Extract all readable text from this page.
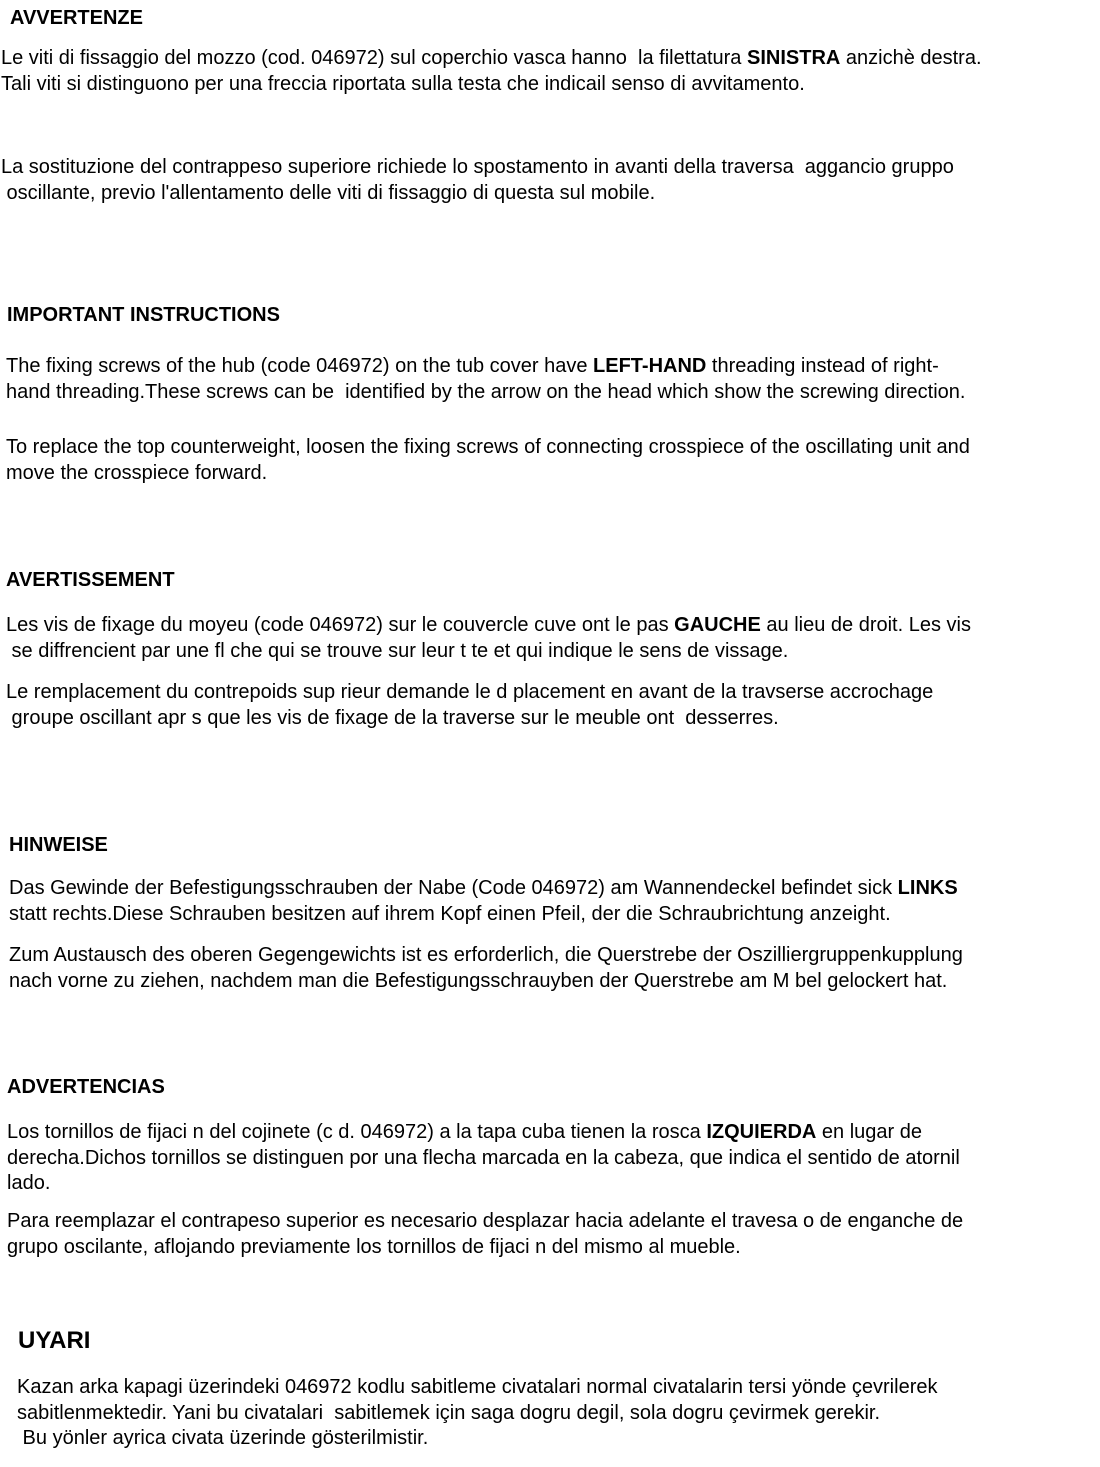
AVVERTENZE
Le viti di fissaggio del mozzo (cod. 046972) sul coperchio vasca hanno  la filettatura SINISTRA anzichè destra.
Tali viti si distinguono per una freccia riportata sulla testa che indicail senso di avvitamento.
La sostituzione del contrappeso superiore richiede lo spostamento in avanti della traversa  aggancio gruppo
oscillante, previo l'allentamento delle viti di fissaggio di questa sul mobile.
IMPORTANT INSTRUCTIONS
The fixing screws of the hub (code 046972) on the tub cover have LEFT-HAND threading instead of right-
hand threading.These screws can be  identified by the arrow on the head which show the screwing direction.
To replace the top counterweight, loosen the fixing screws of connecting crosspiece of the oscillating unit and
move the crosspiece forward.
AVERTISSEMENT
Les vis de fixage du moyeu (code 046972) sur le couvercle cuve ont le pas GAUCHE au lieu de droit. Les vis
se diffrencient par une fl che qui se trouve sur leur t te et qui indique le sens de vissage.
Le remplacement du contrepoids sup rieur demande le d placement en avant de la travserse accrochage
groupe oscillant apr s que les vis de fixage de la traverse sur le meuble ont  desserres.
HINWEISE
Das Gewinde der Befestigungsschrauben der Nabe (Code 046972) am Wannendeckel befindet sick LINKS
statt rechts.Diese Schrauben besitzen auf ihrem Kopf einen Pfeil, der die Schraubrichtung anzeight.
Zum Austausch des oberen Gegengewichts ist es erforderlich, die Querstrebe der Oszilliergruppenkupplung
nach vorne zu ziehen, nachdem man die Befestigungsschrauyben der Querstrebe am M bel gelockert hat.
ADVERTENCIAS
Los tornillos de fijaci n del cojinete (c d. 046972) a la tapa cuba tienen la rosca IZQUIERDA en lugar de
derecha.Dichos tornillos se distinguen por una flecha marcada en la cabeza, que indica el sentido de atornil
lado.
Para reemplazar el contrapeso superior es necesario desplazar hacia adelante el travesa o de enganche de
grupo oscilante, aflojando previamente los tornillos de fijaci n del mismo al mueble.
UYARI
Kazan arka kapagi üzerindeki 046972 kodlu sabitleme civatalari normal civatalarin tersi yönde çevrilerek
sabitlenmektedir. Yani bu civatalari  sabitlemek için saga dogru degil, sola dogru çevirmek gerekir.
Bu yönler ayrica civata üzerinde gösterilmistir.
